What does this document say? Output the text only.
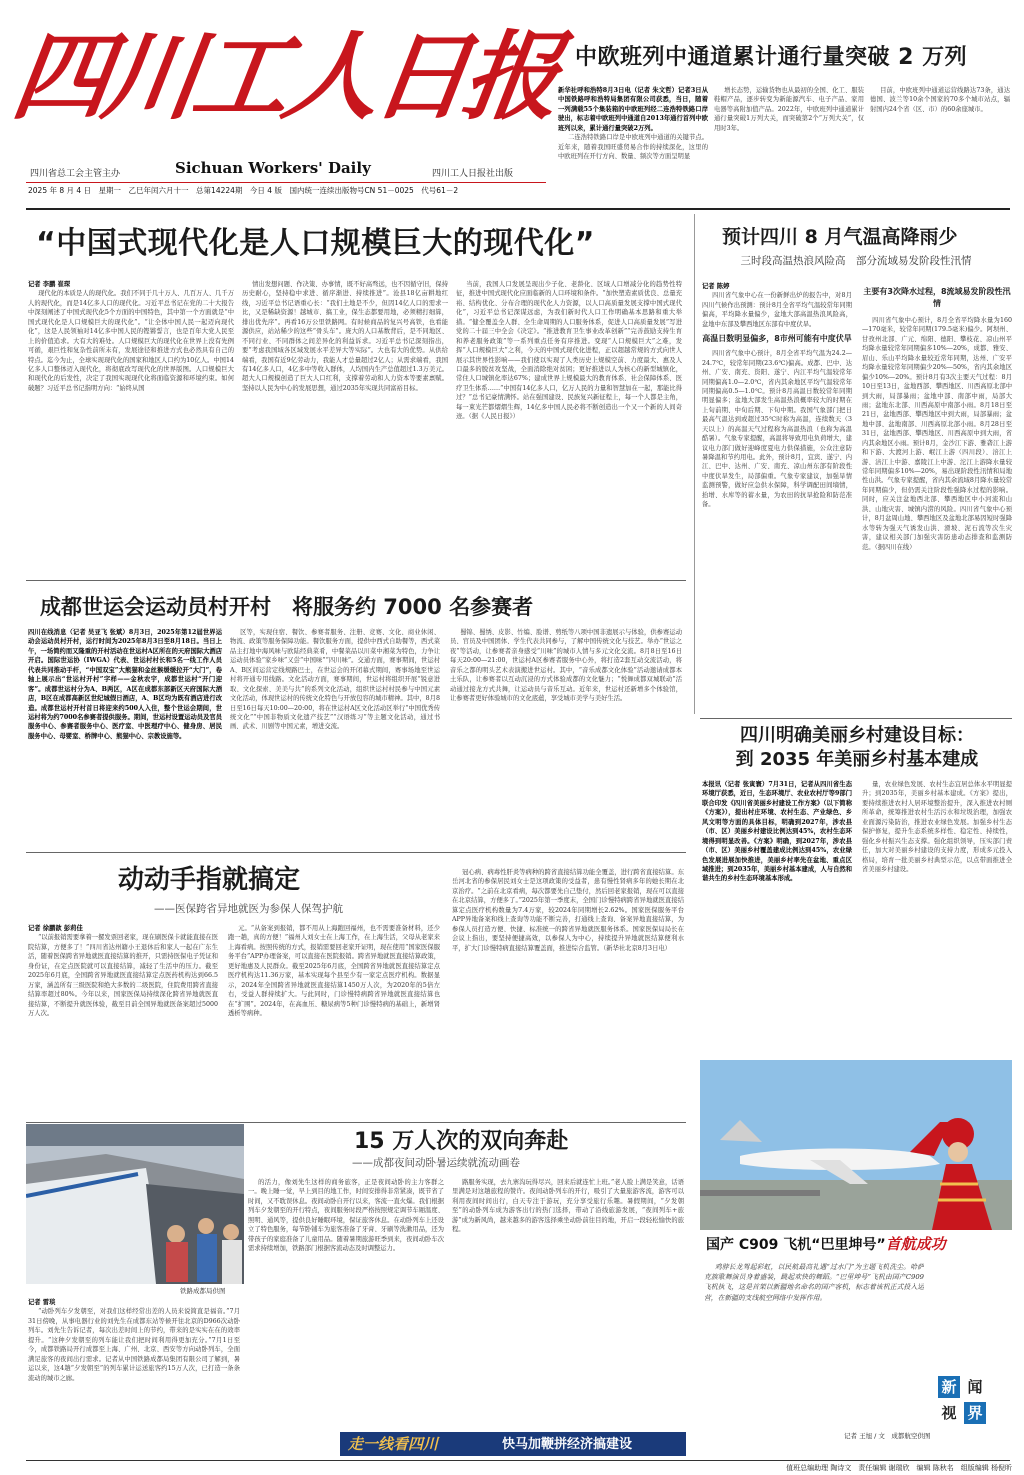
四川工人日报
四川省总工会主管主办	Sichuan Workers' Daily	四川工人日报社出版
2025 年 8 月 4 日　星期一　乙巳年闰六月十一　总第14224期　今日 4 版　国内统一连续出版物号CN 51－0025　代号61－2
中欧班列中通道累计通行量突破 2 万列

新华社呼和浩特8月3日电（记者 朱文哲）记者3日从中国铁路呼和浩特局集团有限公司获悉，当日，随着一列满载55个集装箱的中欧班列经二连浩特铁路口岸驶出，标志着中欧班列中通道自2013年通行首列中欧班列以来，累计通行量突破2万列。

二连浩特铁路口岸是中欧班列中通道的关键节点。近年来，随着我国旺盛贸易合作的持续深化，这里的中欧班列在开行方向、数量、频次等方面呈明显

增长态势，运输货物也从最初的全国、化工、服装鞋帽产品，逐步转变为新能源汽车、电子产品、家用电器等高附加值产品。2022年，中欧班列中通道累计通行量突破1万列大关，而突破第2个“万列大关”，仅用时3年。

目前，中欧班列中通道运营线路达73条，通达德国、波兰等10余个国家的70多个城市站点，辐射国内24个省（区、市）的60余座城市。

“中国式现代化是人口规模巨大的现代化”

记者 李鹏 崔琛

现代化的本质是人的现代化。我们不同于几十万人、几百万人、几千万人的现代化，而是14亿多人口的现代化。习近平总书记在党的二十大报告中深刻阐述了中国式现代化5个方面的中国特色，其中第一个方面就是“中国式现代化是人口规模巨大的现代化”。“让全体中国人民一起迈向现代化”，这是人民领袖对14亿多中国人民的铿锵誓言，也是百年大党人民至上的价值追求。大有大的难处。人口规模巨大的现代化在世界上没有先例可循，艰巨性和复杂性前所未有，发展途径和推进方式也必然具有自己的特点。迄今为止，全球实现现代化的国家和地区人口约为10亿人。中国14亿多人口整体迈入现代化，将彻底改写现代化的世界版图。人口规模巨大和现代化的后发性，决定了我国实现现代化将面临资源和环境约束。如何破题？习近平总书记指明方向：“始终从国

情出发想问题、作决策、办事情，既不好高骛远，也不因循守旧，保持历史耐心，坚持稳中求进、循序渐进、持续推进”。沧县18亿亩耕地红线，习近平总书记语重心长：“我们土地是不少，但因14亿人口的需求一比，又是稀缺资源！越城市、搞工业，保生态都要用地，必须精打细算，排出优先序”。再看16万公里铁路网。有时候商品的复兴号高铁，也看能源供应，站站稀少的这些“骨头车”。庞大的人口基数背后，是不同地区、不同行业、不同群体之间差异化的利益诉求。习近平总书记深刻指出，要“考虑我国域各区域发展水平差异大等实际”。大也有大的优势。从供给端看，我国有近9亿劳动力，我能人才总量超过2亿人；从需求端看，我国有14亿多人口，4亿多中等收入群体，人均国内生产总值超过1.3万美元。超大人口规模创造了巨大人口红利，支撑着劳动和人力资本等要素禀赋。坚持以人民为中心的发展思想，通过2035年实现共同富裕目标。

当前，我国人口发展呈现出少子化、老龄化、区域人口增减分化的趋势性特征，推进中国式现代化应面临新的人口环境和条件。“加快塑造素质优良、总量充裕、结构优化、分布合理的现代化人力资源，以人口高质量发展支撑中国式现代化”，习近平总书记深谋远虑，为我们新时代人口工作明确基本思路和重大举措。“健全覆盖全人群、全生命周期的人口服务体系，促进人口高质量发展”写进党的二十届三中全会《决定》。“推进教育卫生事业改革创新”“完善鼓励支持生育和养老服务政策”等一系列重点任务有序推进。变现“人口规模巨大”之难，发挥“人口规模巨大”之利，今天的中国式现代化进程，正以超越常规的方式向世人展示其世界性影响——我们使以实现了人类历史上规模空前、力度最大、惠及人口最多的脱贫攻坚战，全面消除绝对贫困；更好推进以人为核心的新型城镇化，常住人口城镇化率达67%；建成世界上规模最大的教育体系、社会保障体系、医疗卫生体系……“中国有14亿多人口，亿万人民的力量和智慧加在一起，那能比得过？”总书记豪情满怀。站在强国建设、民族复兴新征程上，每一个人都是主角，每一束光芒都熠熠生辉，14亿多中国人民必将不断创造出一个又一个新的人间奇迹。（据《人民日报》）

预计四川 8 月气温高降雨少
三时段高温热浪风险高　部分流域易发阶段性汛情

记者 陈婷

四川省气象中心在一份新鲜出炉的报告中，对8月四川气候作出预测：预计8月全省平均气温较常年同期偏高，平均降水量偏少，盆地大部高温热浪风险高，盆地中东部及攀西地区东部有中度伏旱。

高温日数明显偏多，8市州可能有中度伏旱

四川省气象中心预计，8月全省平均气温为24.2—24.7℃，较常年同期(23.6℃)偏高。成都、巴中、达州、广安、南充、资阳、遂宁、内江平均气温较常年同期偏高1.0—2.0℃，省内其余地区平均气温较常年同期偏高0.5—1.0℃。预计8月高温日数较常年同期明显偏多；盆地大部发生高温热浪概率较大的时期在上旬前期、中旬后期、下旬中期。我国气象部门把日最高气温达到或超过35℃时称为高温，连续数天（3天以上）的高温天气过程称为高温热浪（也称为高温酷暑）。气象专家提醒，高温将导致用电负荷增大，建议电力部门做好迎峰度夏电力供保措施，公众注意防暑降温和节约用电。此外，预计8月，宜宾、遂宁、内江、巴中、达州、广安、南充、凉山州东部有阶段性中度伏旱发生，局部偏重。气象专家建议，加强旱情监测预警，做好应急供水保障，科学调配田间墒情，抬增、水库等的蓄水量，为农田的抗旱抢险和防范准备。

主要有3次降水过程，8流域易发阶段性汛情

四川省气象中心预计，8月全省平均降水量为160—170毫米，较常年同期(179.5毫米)偏少。阿坝州、甘孜州北部、广元、绵阳、德阳、攀枝花、凉山州平均降水量较常年同期偏多10%—20%，成都、雅安、眉山、乐山平均降水量较近常年同期，达州、广安平均降水量较常年同期偏少20%—50%，省内其余地区偏少10%—20%。预计8月有3次主要天气过程：8月10日至13日，盆地西部、攀西地区、川西高原北部中到大雨，局部暴雨；盆地中部、南部中雨，局部大雨；盆地东北部、川西高原中南部小雨。8月18日至21日，盆地西部、攀西地区中到大雨，局部暴雨；盆地中部、盆地南部、川西高原北部小雨。8月28日至31日，盆地西部、攀西地区、川西高原中到大雨，省内其余地区小雨。预计8月，金沙江下游、雅砻江上游和下游、大渡河上游、岷江上游（四川段）、涪江上游、涪江上中游、嘉陵江上中游、沱江上游降水量较常年同期偏多10%—20%，易出现阶段性汛情和局地性山洪。气象专家提醒，省内其余流域8月降水量较常年同期偏少，但仍需关注阶段性强降水过程的影响。同时，应关注盆地西北部、攀西地区中小河流和山洪、山地灾害、城镇内涝的风险。四川省气象中心预计，8月盆周山地、攀西地区及盆地北部易因短时强降水等转为强天气诱发山洪、滑坡、泥石流等次生灾害，建议相关部门加强灾害防患动态排查和监测防范。（据四川在线）

成都世运会运动员村开村　将服务约 7000 名参赛者

四川在线消息（记者 吴亚飞 张斌）8月3日，2025年第12届世界运动会运动员村开村，运行时间为2025年8月3日至8月18日。当日上午，一场简约而又隆重的开村活动在世运村A区所在的天府国际大酒店开启。国际世运协（IWGA）代表、世运村村长和5名一线工作人员代表共同推动手杆，“中国双宝”大熊猫和金丝猴缓缓拉开“大门”，卷轴上展示出“世运村开村”字样——金秋农宇，成都世运村“开门迎客”。成都世运村分为A、B两区，A区在成都东部新区天府国际大酒店，B区在成都高新区世纪城假日酒店，A、B区均为既有酒店进行改造。成都世运村开村首日将迎来约500人入住，整个世运会期间，世运村将为约7000名参赛者提供服务。期间，世运村设置运动员及官员服务中心、参赛者服务中心、医疗室、中医理疗中心、健身房、居民服务中心、母婴室、桥牌中心、熊猫中心、宗教设施等。

区等，实现住宿、餐饮、参赛者服务、注册、竞赛、文化、商业休闲、物流、政策等服务保障功能。餐饮服务方面，提供中西式自助餐等，西式菜品主打地中海风味与欧陆经典菜肴，中餐菜品以川菜中湘菜为特色，力争让运动员体验“家乡味”又尝“中国味”“四川味”。交通方面，赛事期间，世运村A、B区间运营定线规路巴士，在世运会的开闭幕式期间，赛事场地至世运村将开通专用线路。文化活动方面，赛事期间，世运村将组织开展“锐意进取、文化探索、美美与共”的系列文化活动，组织世运村村民参与中国元素文化活动，体现世运村的传统文化特色与开放包容的城市精神。其中，8月8日至16日每天10:00—20:00，将在世运村A区文化活动区举行“中国优秀传统文化”“中国非物质文化遗产技艺”“汉语练习”等主题文化活动，通过书画、武术、川剧等中国元素，增进交流。

蜀锦、蜀绣、皮影、竹编、脸谱、剪纸等八项中国非遗展示与体验，供参赛运动员、官员及中国团体、学生代表共同参与，了解中国传统文化与技艺。举办“世运之夜”等活动，让参赛者亲身感受“川味”的城市人情与多元文化交流。8月8日至16日每天20:00—21:00，世运村A区参赛者服务中心外，将打造2套互动交流活动，将音乐之都的明头艺术表演搬进世运村。其中，“音乐成都文化体验”活动邀请成都本土乐队，让参赛者以互动沉浸的方式体验成都的文化魅力；“悦舞成都双城联动”活动通过接龙方式共舞，让运动员与音乐互动。近年来，世运村还新增多个体验馆，让参赛者更好体验城市的文化底蕴，享受城市美学与美好生活。

四川明确美丽乡村建设目标：
到 2035 年美丽乡村基本建成

本报讯（记者 张寅寰）7月31日，记者从四川省生态环境厅获悉，近日，生态环境厅、农业农村厅等9部门联合印发《四川省美丽乡村建设工作方案》（以下简称《方案》），提出村庄环境、农村生态、产业绿色、乡风文明等方面的具体目标，明确到2027年，涉农县（市、区）美丽乡村建设比例达到45%，农村生态环境得到明显改善。《方案》明确，到2027年，涉农县（市、区）美丽乡村覆盖建成比例达到45%，农业绿色发展进展加快推进，美丽乡村率先在盆地、重点区域推进；到2035年，美丽乡村基本建成，人与自然和谐共生的乡村生态环境基本形成。

量，农业绿色发展、农村生态宜居总体水平明显提升；到2035年，美丽乡村基本建成。《方案》提出，要持续推进农村人居环境整治提升，深入推进农村厕所革命，统筹推进农村生活污水和垃圾治理，加强农业面源污染防治，推进农业绿色发展。加强乡村生态保护修复，提升生态系统多样性、稳定性、持续性，强化乡村振兴生态支撑。强化组织领导，压实部门责任，加大对美丽乡村建设的支持力度，形成多元投入格局，培育一批美丽乡村典型示范，以点带面推进全省美丽乡村建设。

动动手指就搞定
——医保跨省异地就医为参保人保驾护航

记者 徐鹏歆 彭莉佳

“以前报销需要拿着一摞发票回老家，现在刷医保卡就能直接在医院结算，方便多了！”四川省达州籍小王退休后和家人一起在广东生活，随着医保跨省异地就医直接结算的推开，只需持医保电子凭证和身份证，在定点医院就可以直接结算，减轻了生活中的压力。截至2025年6月底，全国跨省异地就医直接结算定点医药机构达到66.5万家，涵盖所有三级医院和绝大多数的二级医院，住院费用跨省直接结算率超过80%。今年以来，国家医保局持续深化跨省异地就医直接结算，不断提升就医体验，截至目前全国异地就医备案超过5000万人次。

元。“从备案到报销，都不用从上海跑回福州，也不需要准备材料，还少跑一趟，真的方便！”福州人刘女士在上海工作，在上海生活，父母从老家来上海看病。按照传统的方式，报销需要回老家开证明，现在使用“国家医保服务平台”APP办理备案，可以直接在医院报销。跨省异地就医直接结算政策，更好地惠及人民群众。截至2025年6月底，全国跨省异地就医直接结算定点医疗机构达11.36万家，基本实现每个县至少有一家定点医疗机构。数据显示，2024年全国跨省异地就医直接结算1450万人次，为2020年的5倍左右，受益人群持续扩大。与此同时，门诊慢特病跨省异地就医直接结算也在“扩围”。2024年，在高血压、糖尿病等5种门诊慢特病的基础上，新增肾透析等病种。

冠心病、病毒性肝炎等病种的跨省直接结算功能全覆盖，进行跨省直接结算。东岳河北省的参保居民刘女士是这项政策的受益者，患有慢性肾病多年的她长期在北京治疗。“之前在北京看病，每次都要先自己垫付，然后回老家报销，现在可以直接在北京结算，方便多了。”2025年第一季度末，全国门诊慢特病跨省异地就医直接结算定点医疗机构数量为7.4万家，较2024年同期增长2.62%。国家医保服务平台APP异地备案和线上查询等功能不断完善，打通线上查询、备案异地直接结算，为参保人员打造方便、快捷、标准统一的跨省异地就医服务体系。国家医保局局长在会议上指出，要坚持便捷高效，以参保人为中心，持续提升异地就医结算便利水平，扩大门诊慢特病直接结算覆盖面，推进综合监管。（新华社北京8月3日电）

铁路成都局供图
15 万人次的双向奔赴
——成都夜间动卧暑运续就流动画卷

记者 雷琰

“动卧列车夕发朝至，对我们这样经常出差的人员来说简直是福音。”7月31日傍晚，从事电器行业的刘先生在成都东站等候开往北京的D966次动卧列车。刘先生告诉记者，每次出差时间上的节约，带来的是实实在在的效率提升。“这种夕发朝至的列车能让我们把时间利用得更加充分。”7月1日至今，成都铁路局开行成都至上海、广州、北京、西安等方向动卧列车，全面满足旅客的夜间出行需求。记者从中国铁路成都局集团有限公司了解到，暑运以来，这4趟“夕发朝至”的列车累计运送旅客约15万人次，已打造一条条流动的城市之廊。

的活力，像刘先生这样的商务旅客，正是夜间动卧的主力客群之一。晚上睡一觉，早上到目的地工作，时间安排得非常紧凑，既节省了时间，又不耽误休息。夜间动卧自开行以来，客流一直火爆。我们根据列车夕发朝至的开行特点，夜间服务时段严格按照规定调节车厢温度、照明、通风等，提供良好睡眠环境，保证旅客休息。在动卧列车上还设立了特色服务，每节卧铺车为旅客准备了牙膏、牙刷等洗漱用品，还为带孩子的家庭准备了儿童用品。随着暑期旅游旺季到来，夜间动卧车次需求持续增加，铁路部门根据客流动态及时调整运力。

路服务实现，去九寨沟玩得尽兴，回来后就连忙上班。”老人脸上满是笑意，话语里满是对这趟旅程的赞许。夜间动卧列车的开行，吸引了大量旅游客流，游客可以利用夜间时间出行，白天专注于游玩，充分享受旅行乐趣。暑假期间，“夕发朝至”的动卧列车成为游客出行的热门选择，带动了沿线旅游发展，“夜间列车+旅游”成为新风尚，越来越多的游客选择乘坐动卧前往目的地，开启一段轻松愉快的旅程。

国产 C909 飞机“巴里坤号”首航成功

鸡脖长龙驾起彩虹，以民航最高礼遇“过水门”为主题飞机洗尘。哈萨克族歌舞演员身着盛装，跳起欢快的舞蹈。“巴里坤号”飞机由国产C909飞机执飞，这是首架以新疆地名命名的国产客机，标志着该机正式投入运营，在新疆的支线航空网络中发挥作用。

记者 王旭 / 文　成都航空供图
新 闻
视 界
走一线看四川	快马加鞭拼经济搞建设
值班总编助理 陶诗文　责任编辑 谢瑞欣　编辑 陈秋名　组版编辑 杨倪昕
